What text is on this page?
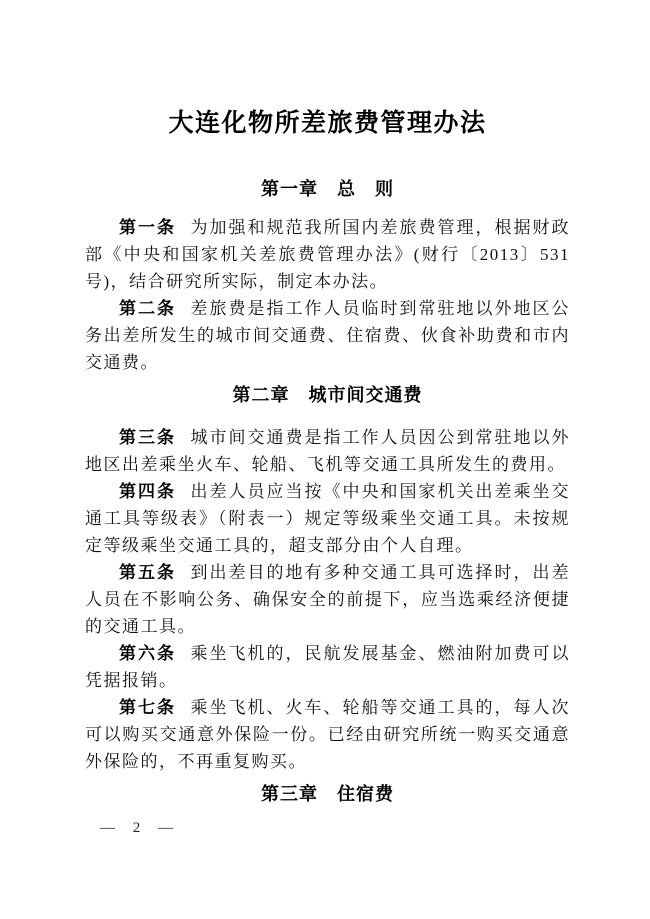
大连化物所差旅费管理办法
第一章　总　则

第一条 为加强和规范我所国内差旅费管理，根据财政部《中央和国家机关差旅费管理办法》(财行〔2013〕531 号)，结合研究所实际，制定本办法。

第二条 差旅费是指工作人员临时到常驻地以外地区公务出差所发生的城市间交通费、住宿费、伙食补助费和市内交通费。

第二章　城市间交通费

第三条 城市间交通费是指工作人员因公到常驻地以外地区出差乘坐火车、轮船、飞机等交通工具所发生的费用。

第四条 出差人员应当按《中央和国家机关出差乘坐交通工具等级表》（附表一）规定等级乘坐交通工具。未按规定等级乘坐交通工具的，超支部分由个人自理。

第五条 到出差目的地有多种交通工具可选择时，出差人员在不影响公务、确保安全的前提下，应当选乘经济便捷的交通工具。

第六条 乘坐飞机的，民航发展基金、燃油附加费可以凭据报销。

第七条 乘坐飞机、火车、轮船等交通工具的，每人次可以购买交通意外保险一份。已经由研究所统一购买交通意外保险的，不再重复购买。

第三章　住宿费
— 2 —
